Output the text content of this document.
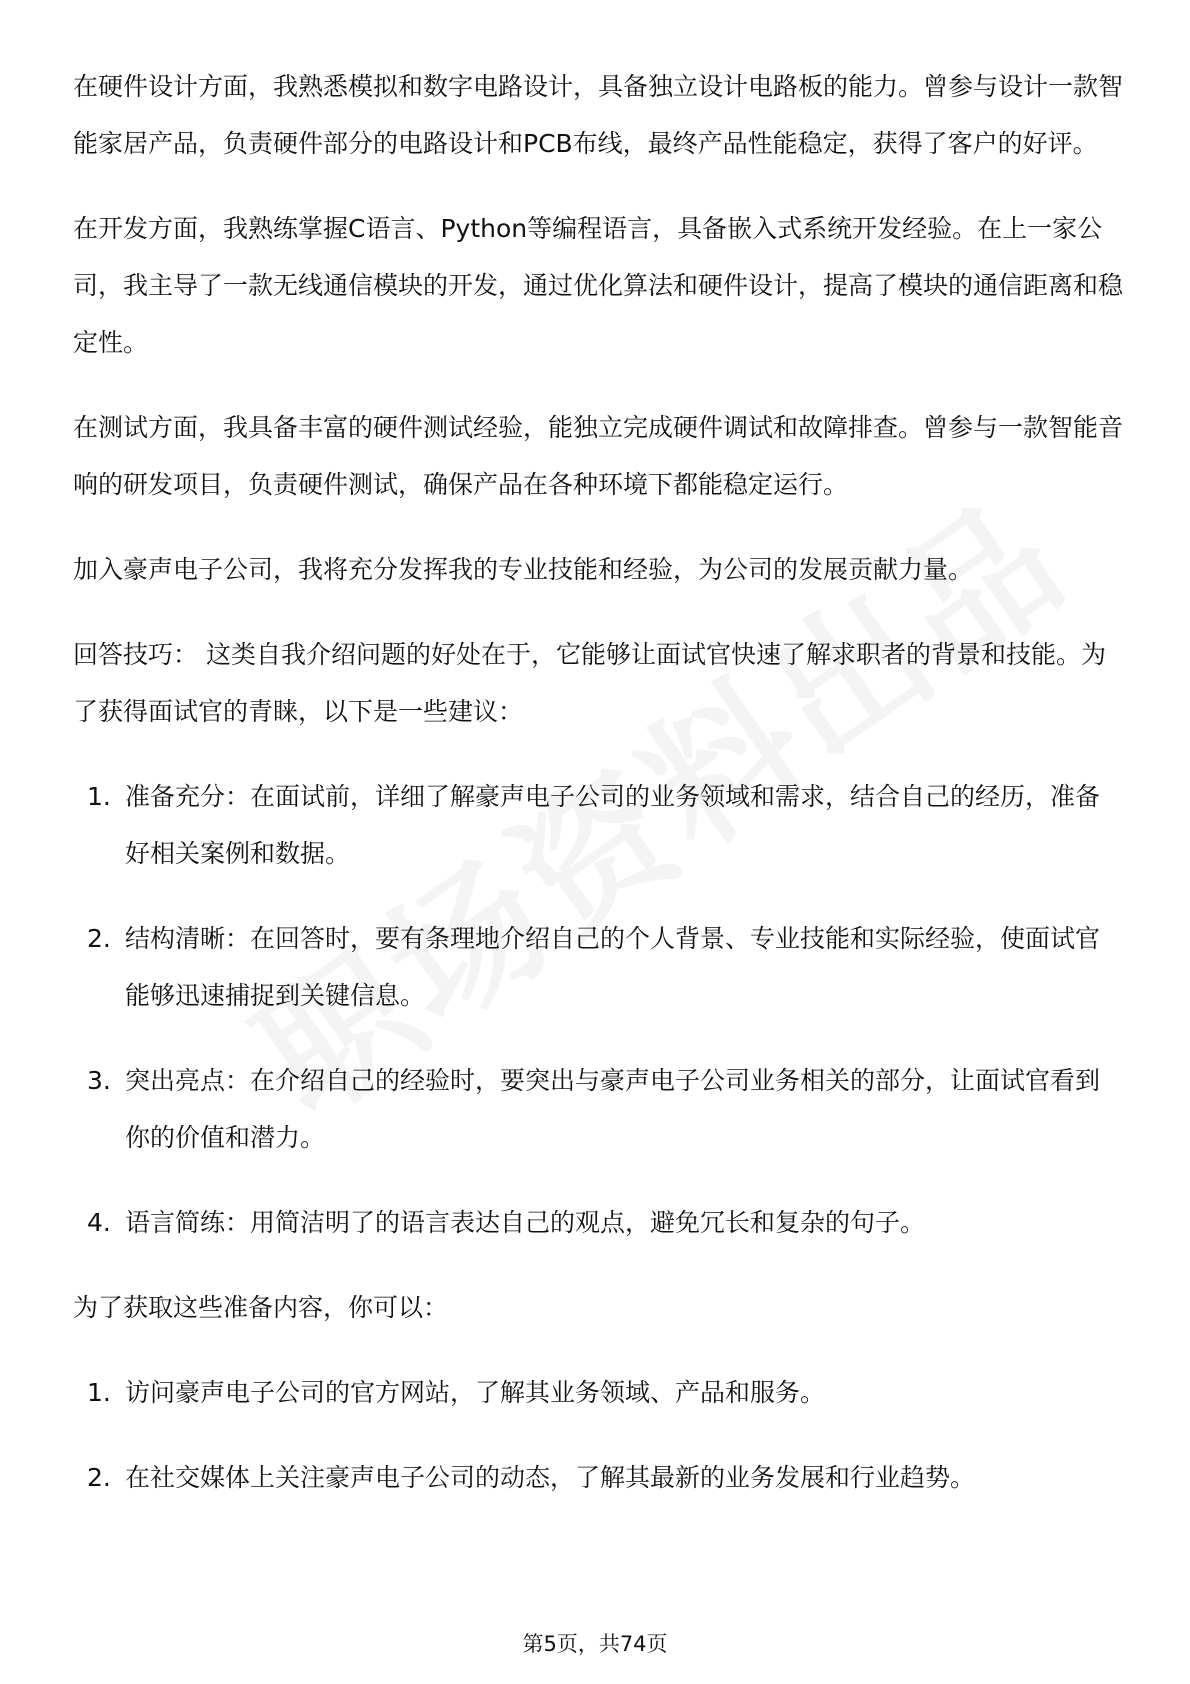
在硬件设计方面，我熟悉模拟和数字电路设计，具备独立设计电路板的能力。曾参与设计一款智能家居产品，负责硬件部分的电路设计和PCB布线，最终产品性能稳定，获得了客户的好评。

在开发方面，我熟练掌握C语言、Python等编程语言，具备嵌入式系统开发经验。在上一家公司，我主导了一款无线通信模块的开发，通过优化算法和硬件设计，提高了模块的通信距离和稳定性。

在测试方面，我具备丰富的硬件测试经验，能独立完成硬件调试和故障排查。曾参与一款智能音响的研发项目，负责硬件测试，确保产品在各种环境下都能稳定运行。

加入豪声电子公司，我将充分发挥我的专业技能和经验，为公司的发展贡献力量。

回答技巧： 这类自我介绍问题的好处在于，它能够让面试官快速了解求职者的背景和技能。为了获得面试官的青睐，以下是一些建议：

1. 准备充分：在面试前，详细了解豪声电子公司的业务领域和需求，结合自己的经历，准备好相关案例和数据。
2. 结构清晰：在回答时，要有条理地介绍自己的个人背景、专业技能和实际经验，使面试官能够迅速捕捉到关键信息。
3. 突出亮点：在介绍自己的经验时，要突出与豪声电子公司业务相关的部分，让面试官看到你的价值和潜力。
4. 语言简练：用简洁明了的语言表达自己的观点，避免冗长和复杂的句子。

为了获取这些准备内容，你可以：

1. 访问豪声电子公司的官方网站，了解其业务领域、产品和服务。
2. 在社交媒体上关注豪声电子公司的动态，了解其最新的业务发展和行业趋势。
第5页，共74页
